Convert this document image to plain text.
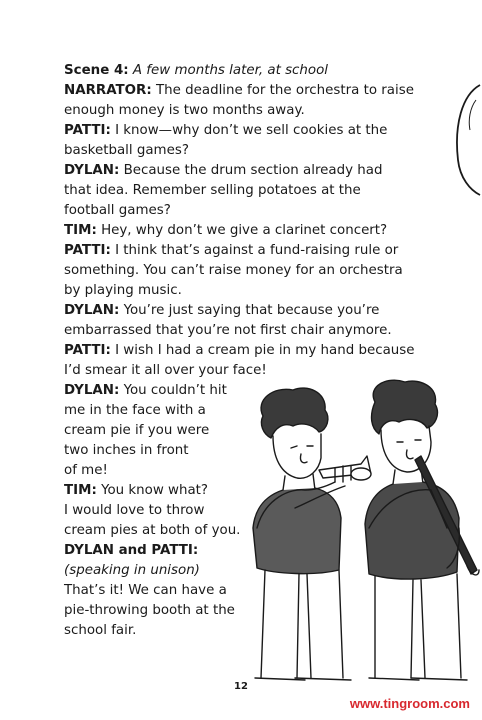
Scene 4: A few months later, at school
NARRATOR: The deadline for the orchestra to raise
enough money is two months away.
PATTI: I know—why don’t we sell cookies at the
basketball games?
DYLAN: Because the drum section already had
that idea. Remember selling potatoes at the
football games?
TIM: Hey, why don’t we give a clarinet concert?
PATTI: I think that’s against a fund-raising rule or
something. You can’t raise money for an orchestra
by playing music.
DYLAN: You’re just saying that because you’re
embarrassed that you’re not first chair anymore.
PATTI: I wish I had a cream pie in my hand because
I’d smear it all over your face!
DYLAN: You couldn’t hit
me in the face with a
cream pie if you were
two inches in front
of me!
TIM: You know what?
I would love to throw
cream pies at both of you.
DYLAN and PATTI:
(speaking in unison)
That’s it! We can have a
pie-throwing booth at the
school fair.
12
www.tingroom.com
